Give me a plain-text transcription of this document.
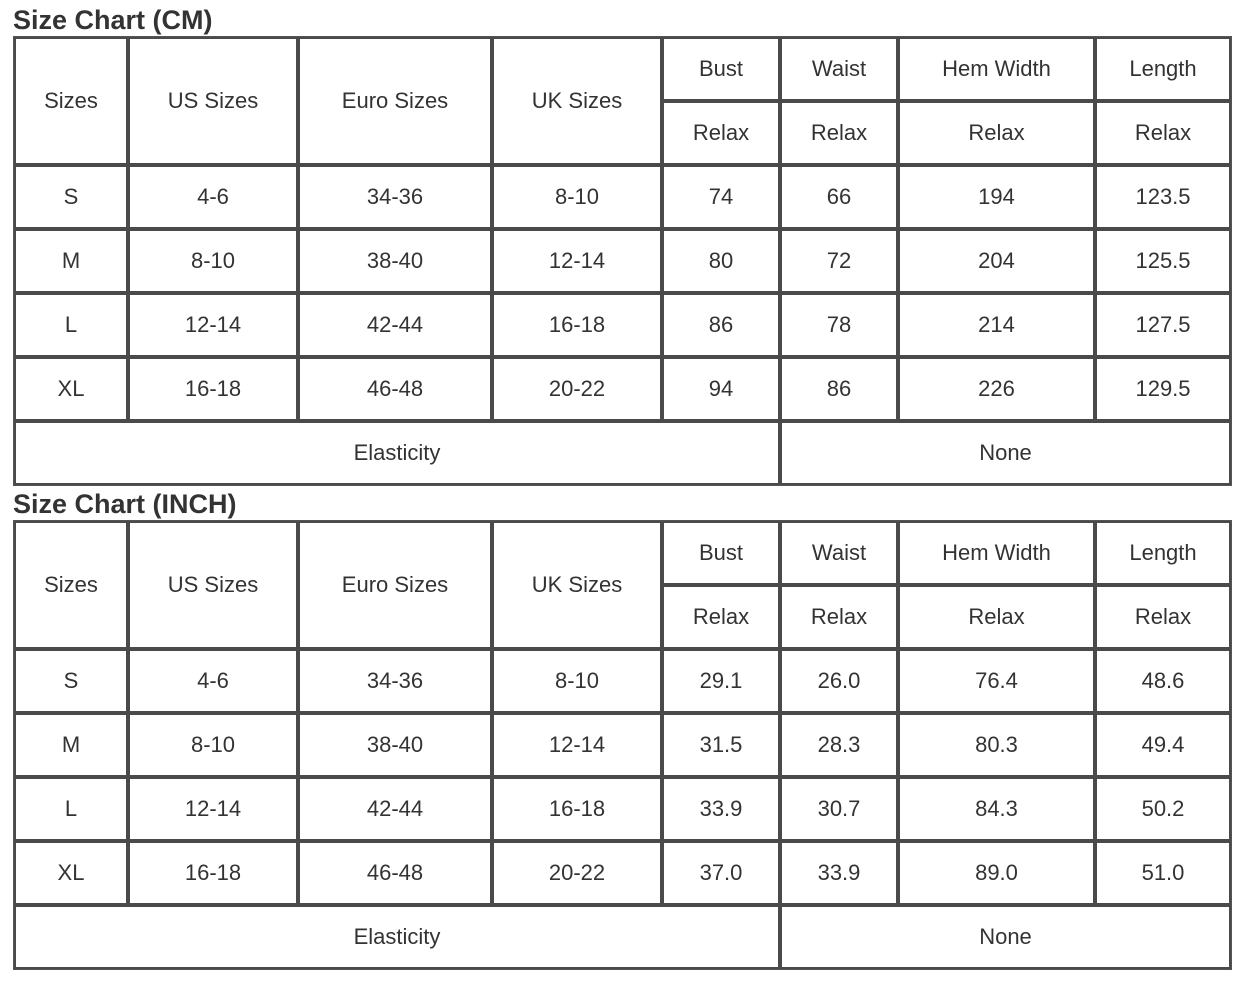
Size Chart (CM)
Sizes	US Sizes	Euro Sizes	UK Sizes	Bust	Waist	Hem Width	Length
				Relax	Relax	Relax	Relax
S	4-6	34-36	8-10	74	66	194	123.5
M	8-10	38-40	12-14	80	72	204	125.5
L	12-14	42-44	16-18	86	78	214	127.5
XL	16-18	46-48	20-22	94	86	226	129.5
Elasticity					None		
Size Chart (INCH)
Sizes	US Sizes	Euro Sizes	UK Sizes	Bust	Waist	Hem Width	Length
				Relax	Relax	Relax	Relax
S	4-6	34-36	8-10	29.1	26.0	76.4	48.6
M	8-10	38-40	12-14	31.5	28.3	80.3	49.4
L	12-14	42-44	16-18	33.9	30.7	84.3	50.2
XL	16-18	46-48	20-22	37.0	33.9	89.0	51.0
Elasticity					None		
